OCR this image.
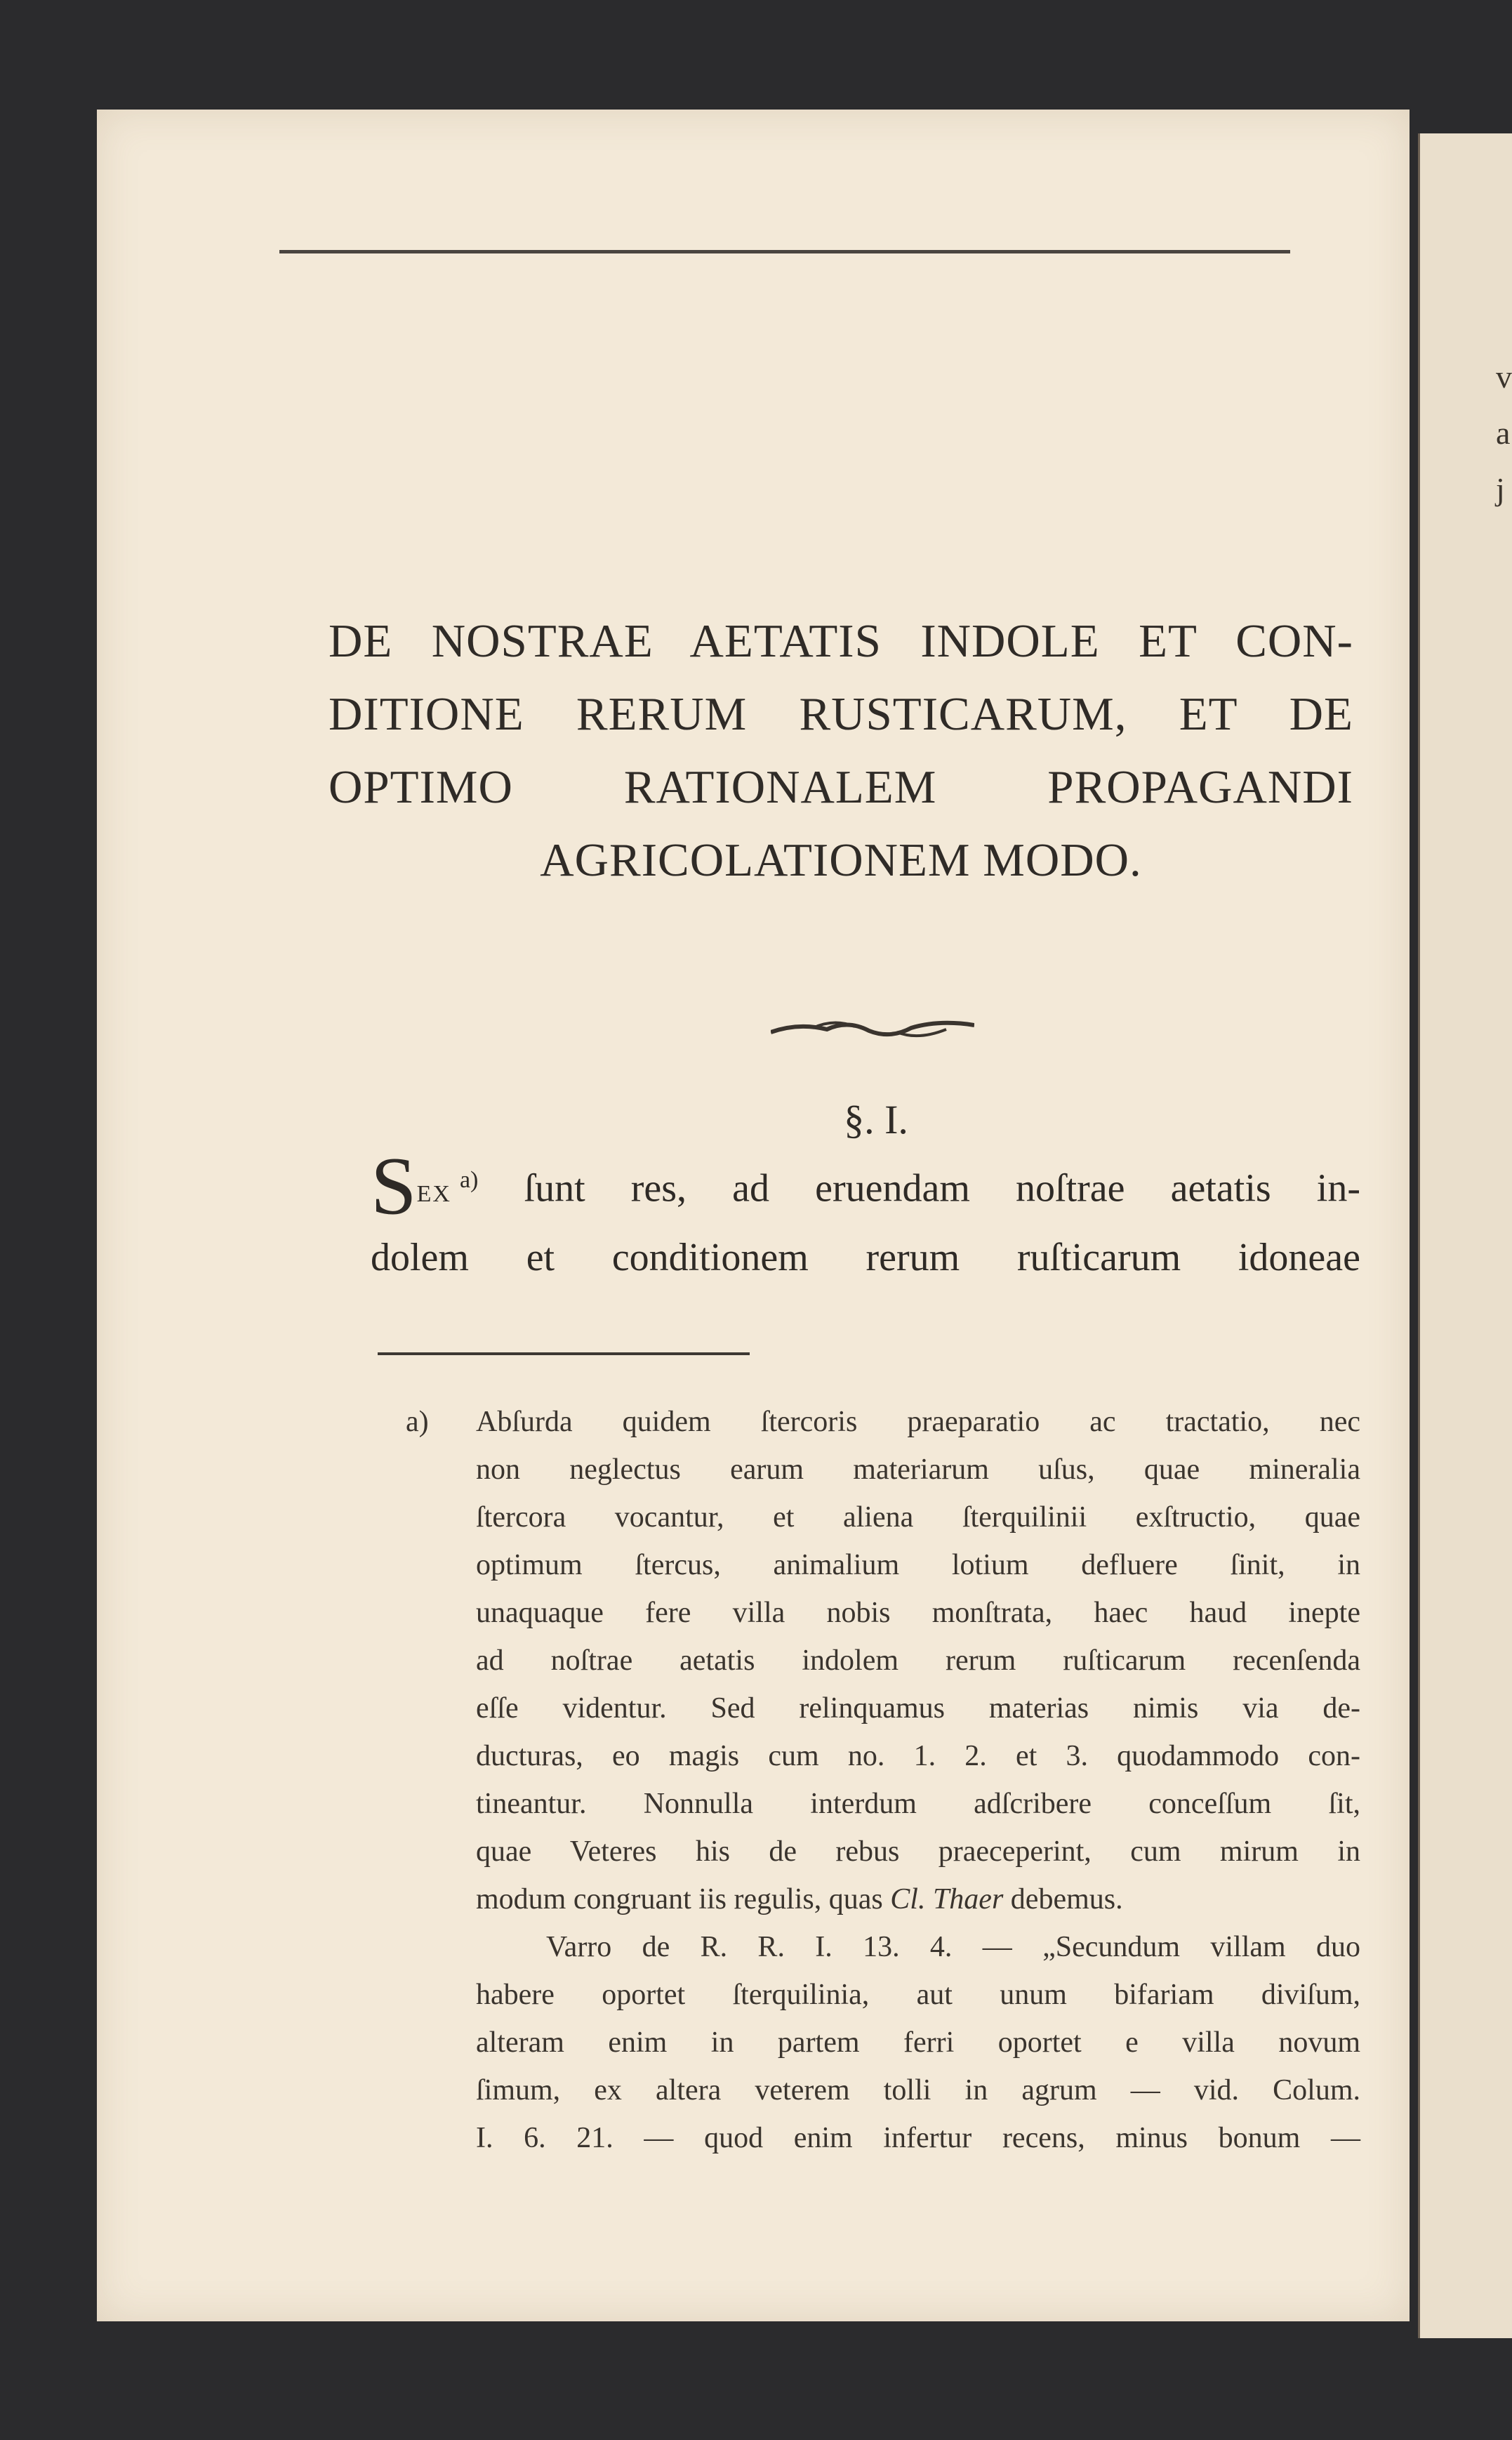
v
a
j
DE NOSTRAE AETATIS INDOLE ET CON-
DITIONE RERUM RUSTICARUM, ET DE
OPTIMO RATIONALEM PROPAGANDI
AGRICOLATIONEM MODO.
§. I.
SEX$^{a)}$ ſunt res, ad eruendam noſtrae aetatis in-
dolem et conditionem rerum ruſticarum idoneae
a) Abſurda quidem ſtercoris praeparatio ac tractatio, nec
non neglectus earum materiarum uſus, quae mineralia
ſtercora vocantur, et aliena ſterquilinii exſtructio, quae
optimum ſtercus, animalium lotium defluere ſinit, in
unaquaque fere villa nobis monſtrata, haec haud inepte
ad noſtrae aetatis indolem rerum ruſticarum recenſenda
eſſe videntur. Sed relinquamus materias nimis via de-
ducturas, eo magis cum no. 1. 2. et 3. quodammodo con-
tineantur. Nonnulla interdum adſcribere conceſſum ſit,
quae Veteres his de rebus praeceperint, cum mirum in
modum congruant iis regulis, quas Cl. Thaer debemus.
Varro de R. R. I. 13. 4. — „Secundum villam duo
habere oportet ſterquilinia, aut unum bifariam diviſum,
alteram enim in partem ferri oportet e villa novum
ſimum, ex altera veterem tolli in agrum — vid. Colum.
I. 6. 21. — quod enim infertur recens, minus bonum —
